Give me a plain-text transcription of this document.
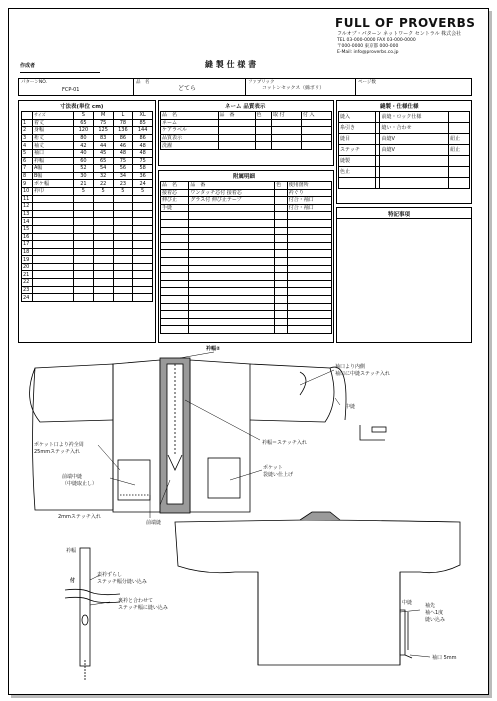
FULL OF PROVERBS
フルオブ・パターン ネットワーク セントラル 株式会社
TEL 03-000-0000 FAX 03-000-0000
〒000-0000 東京都 000-000
E-Mail: info@proverbs.co.jp
作成者	縫 製 仕 様 書
パターンNO.
FCP-01
品　名
どてら
ファブリック
コットンセックス（綿ポリ）
ページ数
寸法表(単位 cm)
	サイズ	S	M	L	XL
1	着丈	65	75	78	85
2	身幅	120	125	136	144
3	裄丈	80	83	86	86
4	袖丈	42	44	46	48
5	袖口	40	45	48	48
6	衿幅	60	65	75	75
7	A幅	52	54	56	58
8	B幅	30	32	34	36
9	ポケ幅	21	22	23	24
10	衿巾	5	5	5	5
11					
12					
13					
14					
15					
16					
17					
18					
19					
20					
21					
22					
23					
24					
ネーム 品質表示
品　名	品　番	色	取 付	付 入
ネーム				
ケアラベル				
品質表示				
洗濯				
附属明細
品　名	品　番	色	使用箇所
接着芯	ワンタッチ芯付 接着芯		衿ぐり
伸び止	グラス付 伸び止テープ		付合・袖口
手縫			付合・袖口

縫製・仕様仕様
縫入		前縫・ロック仕様	
糸引き		縫い・合わせ	
縫目		由縫V	紐止
ステッチ		由縫V	紐止
縫製			
色止			

特記事項
衿幅②
袖口より内側
袖口に中縫ステッチ入れ
中縫
衿幅＝ステッチ入れ
ポケット口より衿全周
25mmステッチ入れ
前端中縫
（中縫取止し）
ポケット
袋縫い仕上げ
2mmステッチ入れ
前端縫
衿幅
表衿ずらし
裏衿と合わせて
ステッチ幅に縫い込み
ステッチ幅分縫い込み
中縫	袖先
袖へ1度
縫い込み
袖口 5mm
付
